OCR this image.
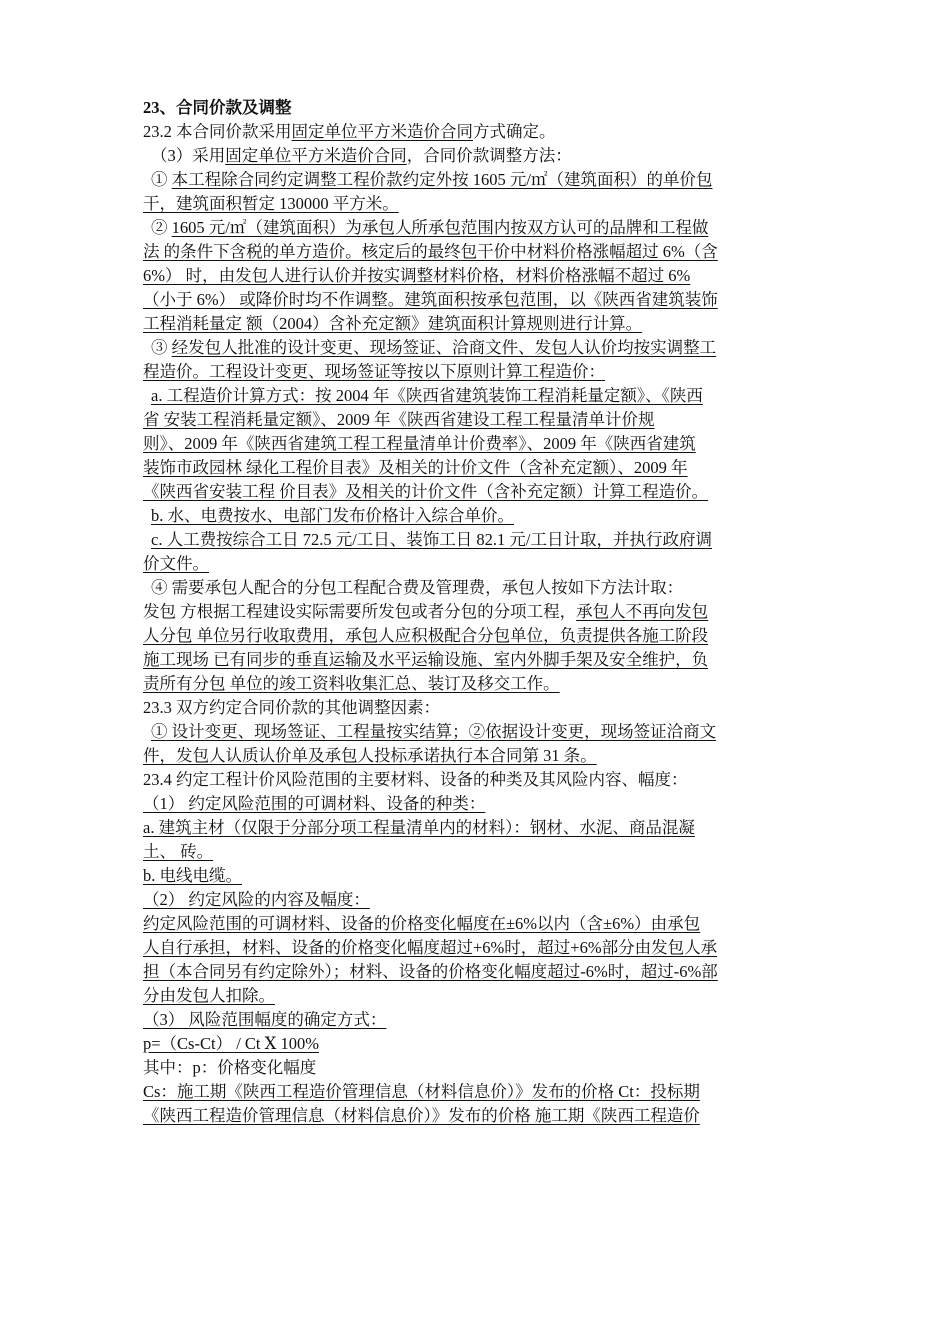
23、合同价款及调整
23.2 本合同价款采用固定单位平方米造价合同方式确定。
（3）采用固定单位平方米造价合同，合同价款调整方法：
① 本工程除合同约定调整工程价款约定外按 1605 元/㎡（建筑面积）的单价包
干，建筑面积暂定 130000 平方米。
② 1605 元/㎡（建筑面积）为承包人所承包范围内按双方认可的品牌和工程做
法 的条件下含税的单方造价。核定后的最终包干价中材料价格涨幅超过 6%（含
6%） 时，由发包人进行认价并按实调整材料价格，材料价格涨幅不超过 6%
（小于 6%） 或降价时均不作调整。建筑面积按承包范围，以《陕西省建筑装饰
工程消耗量定 额（2004）含补充定额》建筑面积计算规则进行计算。
③ 经发包人批准的设计变更、现场签证、洽商文件、发包人认价均按实调整工
程造价。工程设计变更、现场签证等按以下原则计算工程造价：
a. 工程造价计算方式：按 2004 年《陕西省建筑装饰工程消耗量定额》、《陕西
省 安装工程消耗量定额》、2009 年《陕西省建设工程工程量清单计价规
则》、2009 年《陕西省建筑工程工程量清单计价费率》、2009 年《陕西省建筑
装饰市政园林 绿化工程价目表》及相关的计价文件（含补充定额）、2009 年
《陕西省安装工程 价目表》及相关的计价文件（含补充定额）计算工程造价。
b. 水、电费按水、电部门发布价格计入综合单价。
c. 人工费按综合工日 72.5 元/工日、装饰工日 82.1 元/工日计取，并执行政府调
价文件。
④ 需要承包人配合的分包工程配合费及管理费，承包人按如下方法计取：
发包 方根据工程建设实际需要所发包或者分包的分项工程，承包人不再向发包
人分包 单位另行收取费用，承包人应积极配合分包单位，负责提供各施工阶段
施工现场 已有同步的垂直运输及水平运输设施、室内外脚手架及安全维护，负
责所有分包 单位的竣工资料收集汇总、装订及移交工作。
23.3 双方约定合同价款的其他调整因素：
① 设计变更、现场签证、工程量按实结算；②依据设计变更，现场签证洽商文
件，发包人认质认价单及承包人投标承诺执行本合同第 31 条。
23.4 约定工程计价风险范围的主要材料、设备的种类及其风险内容、幅度：
（1） 约定风险范围的可调材料、设备的种类：
a. 建筑主材（仅限于分部分项工程量清单内的材料）：钢材、水泥、商品混凝
土、 砖。
b. 电线电缆。
（2） 约定风险的内容及幅度：
约定风险范围的可调材料、设备的价格变化幅度在±6%以内（含±6%）由承包
人自行承担，材料、设备的价格变化幅度超过+6%时，超过+6%部分由发包人承
担（本合同另有约定除外）；材料、设备的价格变化幅度超过-6%时，超过-6%部
分由发包人扣除。
（3） 风险范围幅度的确定方式：
p=（Cs-Ct） / Ct Ⅹ 100%
其中：p：价格变化幅度
Cs：施工期《陕西工程造价管理信息（材料信息价）》发布的价格 Ct：投标期
《陕西工程造价管理信息（材料信息价）》发布的价格 施工期《陕西工程造价
